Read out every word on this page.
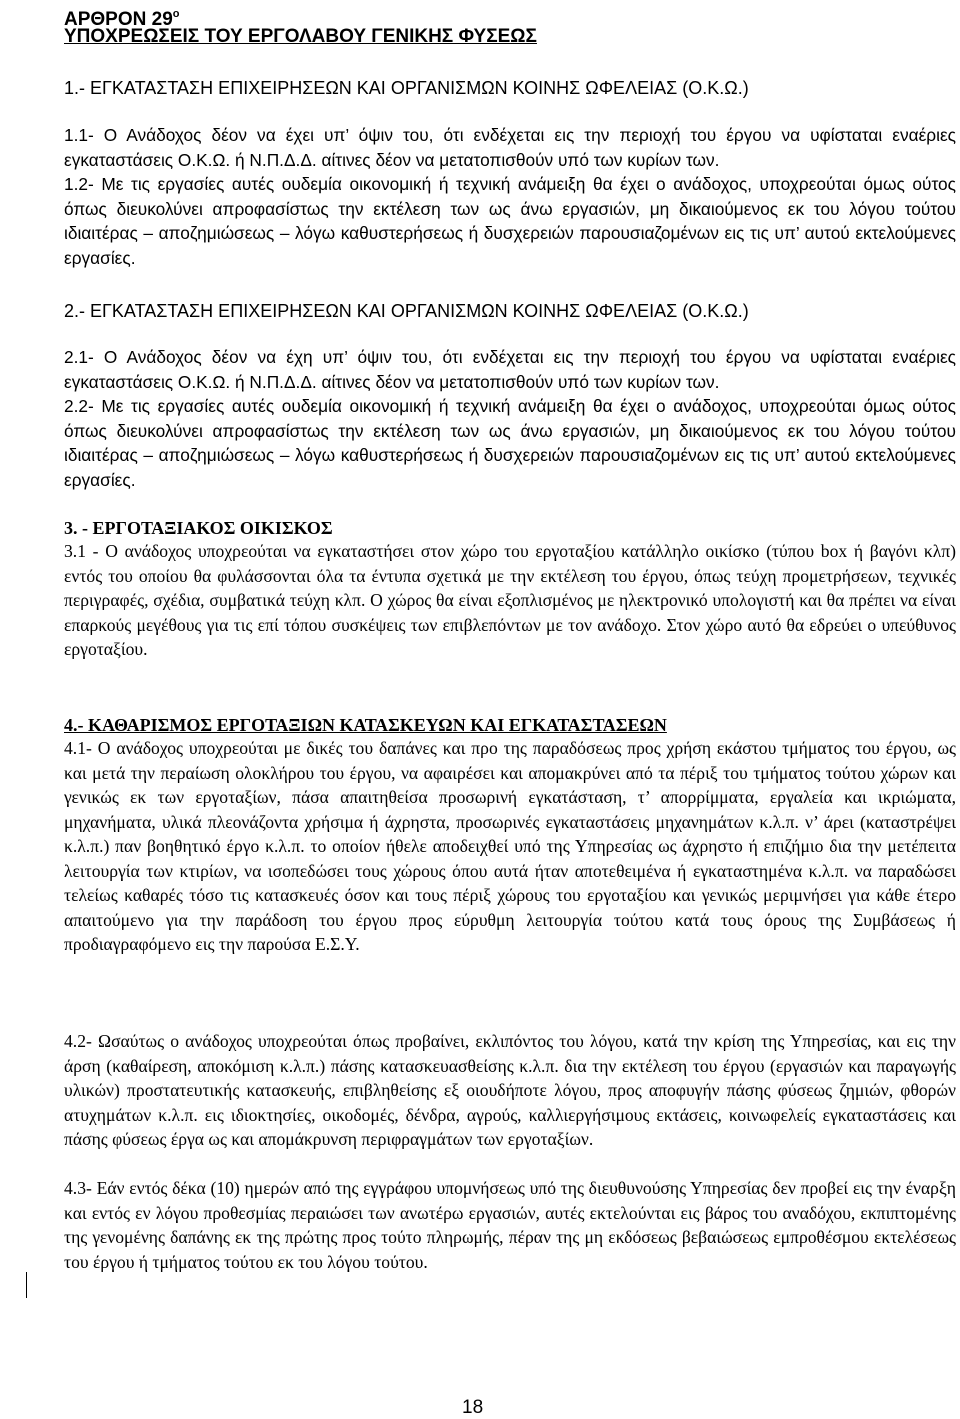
ΑΡΘΡΟΝ $29^o$

ΥΠΟΧΡΕΩΣΕΙΣ ΤΟΥ ΕΡΓΟΛΑΒΟΥ ΓΕΝΙΚΗΣ ΦΥΣΕΩΣ

1.- ΕΓΚΑΤΑΣΤΑΣΗ ΕΠΙΧΕΙΡΗΣΕΩΝ ΚΑΙ ΟΡΓΑΝΙΣΜΩΝ ΚΟΙΝΗΣ ΩΦΕΛΕΙΑΣ (Ο.Κ.Ω.)

1.1- Ο Ανάδοχος δέον να έχει υπ’ όψιν του, ότι ενδέχεται εις την περιοχή του έργου να υφίσταται εναέριες εγκαταστάσεις Ο.Κ.Ω. ή Ν.Π.Δ.Δ. αίτινες δέον να μετατοπισθούν υπό των κυρίων των.

1.2- Με τις εργασίες αυτές ουδεμία οικονομική ή τεχνική ανάμειξη θα έχει ο ανάδοχος, υποχρεούται όμως ούτος όπως διευκολύνει απροφασίστως την εκτέλεση των ως άνω εργασιών, μη δικαιούμενος εκ του λόγου τούτου ιδιαιτέρας – αποζημιώσεως – λόγω καθυστερήσεως ή δυσχερειών παρουσιαζομένων εις τις υπ’ αυτού εκτελούμενες εργασίες.

2.- ΕΓΚΑΤΑΣΤΑΣΗ ΕΠΙΧΕΙΡΗΣΕΩΝ ΚΑΙ ΟΡΓΑΝΙΣΜΩΝ ΚΟΙΝΗΣ ΩΦΕΛΕΙΑΣ (Ο.Κ.Ω.)

2.1- Ο Ανάδοχος δέον να έχη υπ’ όψιν του, ότι ενδέχεται εις την περιοχή του έργου να υφίσταται εναέριες εγκαταστάσεις Ο.Κ.Ω. ή Ν.Π.Δ.Δ. αίτινες δέον να μετατοπισθούν υπό των κυρίων των.

2.2- Με τις εργασίες αυτές ουδεμία οικονομική ή τεχνική ανάμειξη θα έχει ο ανάδοχος, υποχρεούται όμως ούτος όπως διευκολύνει απροφασίστως την εκτέλεση των ως άνω εργασιών, μη δικαιούμενος εκ του λόγου τούτου ιδιαιτέρας – αποζημιώσεως – λόγω καθυστερήσεως ή δυσχερειών παρουσιαζομένων εις τις υπ’ αυτού εκτελούμενες εργασίες.

3. - ΕΡΓΟΤΑΞΙΑΚΟΣ ΟΙΚΙΣΚΟΣ

3.1 - Ο ανάδοχος υποχρεούται να εγκαταστήσει στον χώρο του εργοταξίου κατάλληλο οικίσκο (τύπου box ή βαγόνι κλπ) εντός του οποίου θα φυλάσσονται όλα τα έντυπα σχετικά με την εκτέλεση του έργου, όπως τεύχη προμετρήσεων, τεχνικές περιγραφές, σχέδια, συμβατικά τεύχη κλπ. Ο χώρος θα είναι εξοπλισμένος με ηλεκτρονικό υπολογιστή και θα πρέπει να είναι επαρκούς μεγέθους για τις επί τόπου συσκέψεις των επιβλεπόντων με τον ανάδοχο. Στον χώρο αυτό θα εδρεύει ο υπεύθυνος εργοταξίου.

4.- ΚΑΘΑΡΙΣΜΟΣ ΕΡΓΟΤΑΞΙΩΝ ΚΑΤΑΣΚΕΥΩΝ ΚΑΙ ΕΓΚΑΤΑΣΤΑΣΕΩΝ

4.1- Ο ανάδοχος υποχρεούται με δικές του δαπάνες και προ της παραδόσεως προς χρήση εκάστου τμήματος του έργου, ως και μετά την περαίωση ολοκλήρου του έργου, να αφαιρέσει και απομακρύνει από τα πέριξ του τμήματος τούτου χώρων και γενικώς εκ των εργοταξίων, πάσα απαιτηθείσα προσωρινή εγκατάσταση, τ’ απορρίμματα, εργαλεία και ικριώματα, μηχανήματα, υλικά πλεονάζοντα χρήσιμα ή άχρηστα, προσωρινές εγκαταστάσεις μηχανημάτων κ.λ.π. ν’ άρει (καταστρέψει κ.λ.π.) παν βοηθητικό έργο κ.λ.π. το οποίον ήθελε αποδειχθεί υπό της Υπηρεσίας ως άχρηστο ή επιζήμιο δια την μετέπειτα λειτουργία των κτιρίων, να ισοπεδώσει τους χώρους όπου αυτά ήταν αποτεθειμένα ή εγκαταστημένα κ.λ.π. να παραδώσει τελείως καθαρές τόσο τις κατασκευές όσον και τους πέριξ χώρους του εργοταξίου και γενικώς μεριμνήσει για κάθε έτερο απαιτούμενο για την παράδοση του έργου προς εύρυθμη λειτουργία τούτου κατά τους όρους της Συμβάσεως ή προδιαγραφόμενο εις την παρούσα Ε.Σ.Υ.

4.2- Ωσαύτως ο ανάδοχος υποχρεούται όπως προβαίνει, εκλιπόντος του λόγου, κατά την κρίση της Υπηρεσίας, και εις την άρση (καθαίρεση, αποκόμιση κ.λ.π.) πάσης κατασκευασθείσης κ.λ.π. δια την εκτέλεση του έργου (εργασιών και παραγωγής υλικών) προστατευτικής κατασκευής, επιβληθείσης εξ οιουδήποτε λόγου, προς αποφυγήν πάσης φύσεως ζημιών, φθορών ατυχημάτων κ.λ.π. εις ιδιοκτησίες, οικοδομές, δένδρα, αγρούς, καλλιεργήσιμους εκτάσεις, κοινωφελείς εγκαταστάσεις και πάσης φύσεως έργα ως και απομάκρυνση περιφραγμάτων των εργοταξίων.

4.3- Εάν εντός δέκα (10) ημερών από της εγγράφου υπομνήσεως υπό της διευθυνούσης Υπηρεσίας δεν προβεί εις την έναρξη και εντός εν λόγου προθεσμίας περαιώσει των ανωτέρω εργασιών, αυτές εκτελούνται εις βάρος του αναδόχου, εκπιπτομένης της γενομένης δαπάνης εκ της πρώτης προς τούτο πληρωμής, πέραν της μη εκδόσεως βεβαιώσεως εμπροθέσμου εκτελέσεως του έργου ή τμήματος τούτου εκ του λόγου τούτου.

18
